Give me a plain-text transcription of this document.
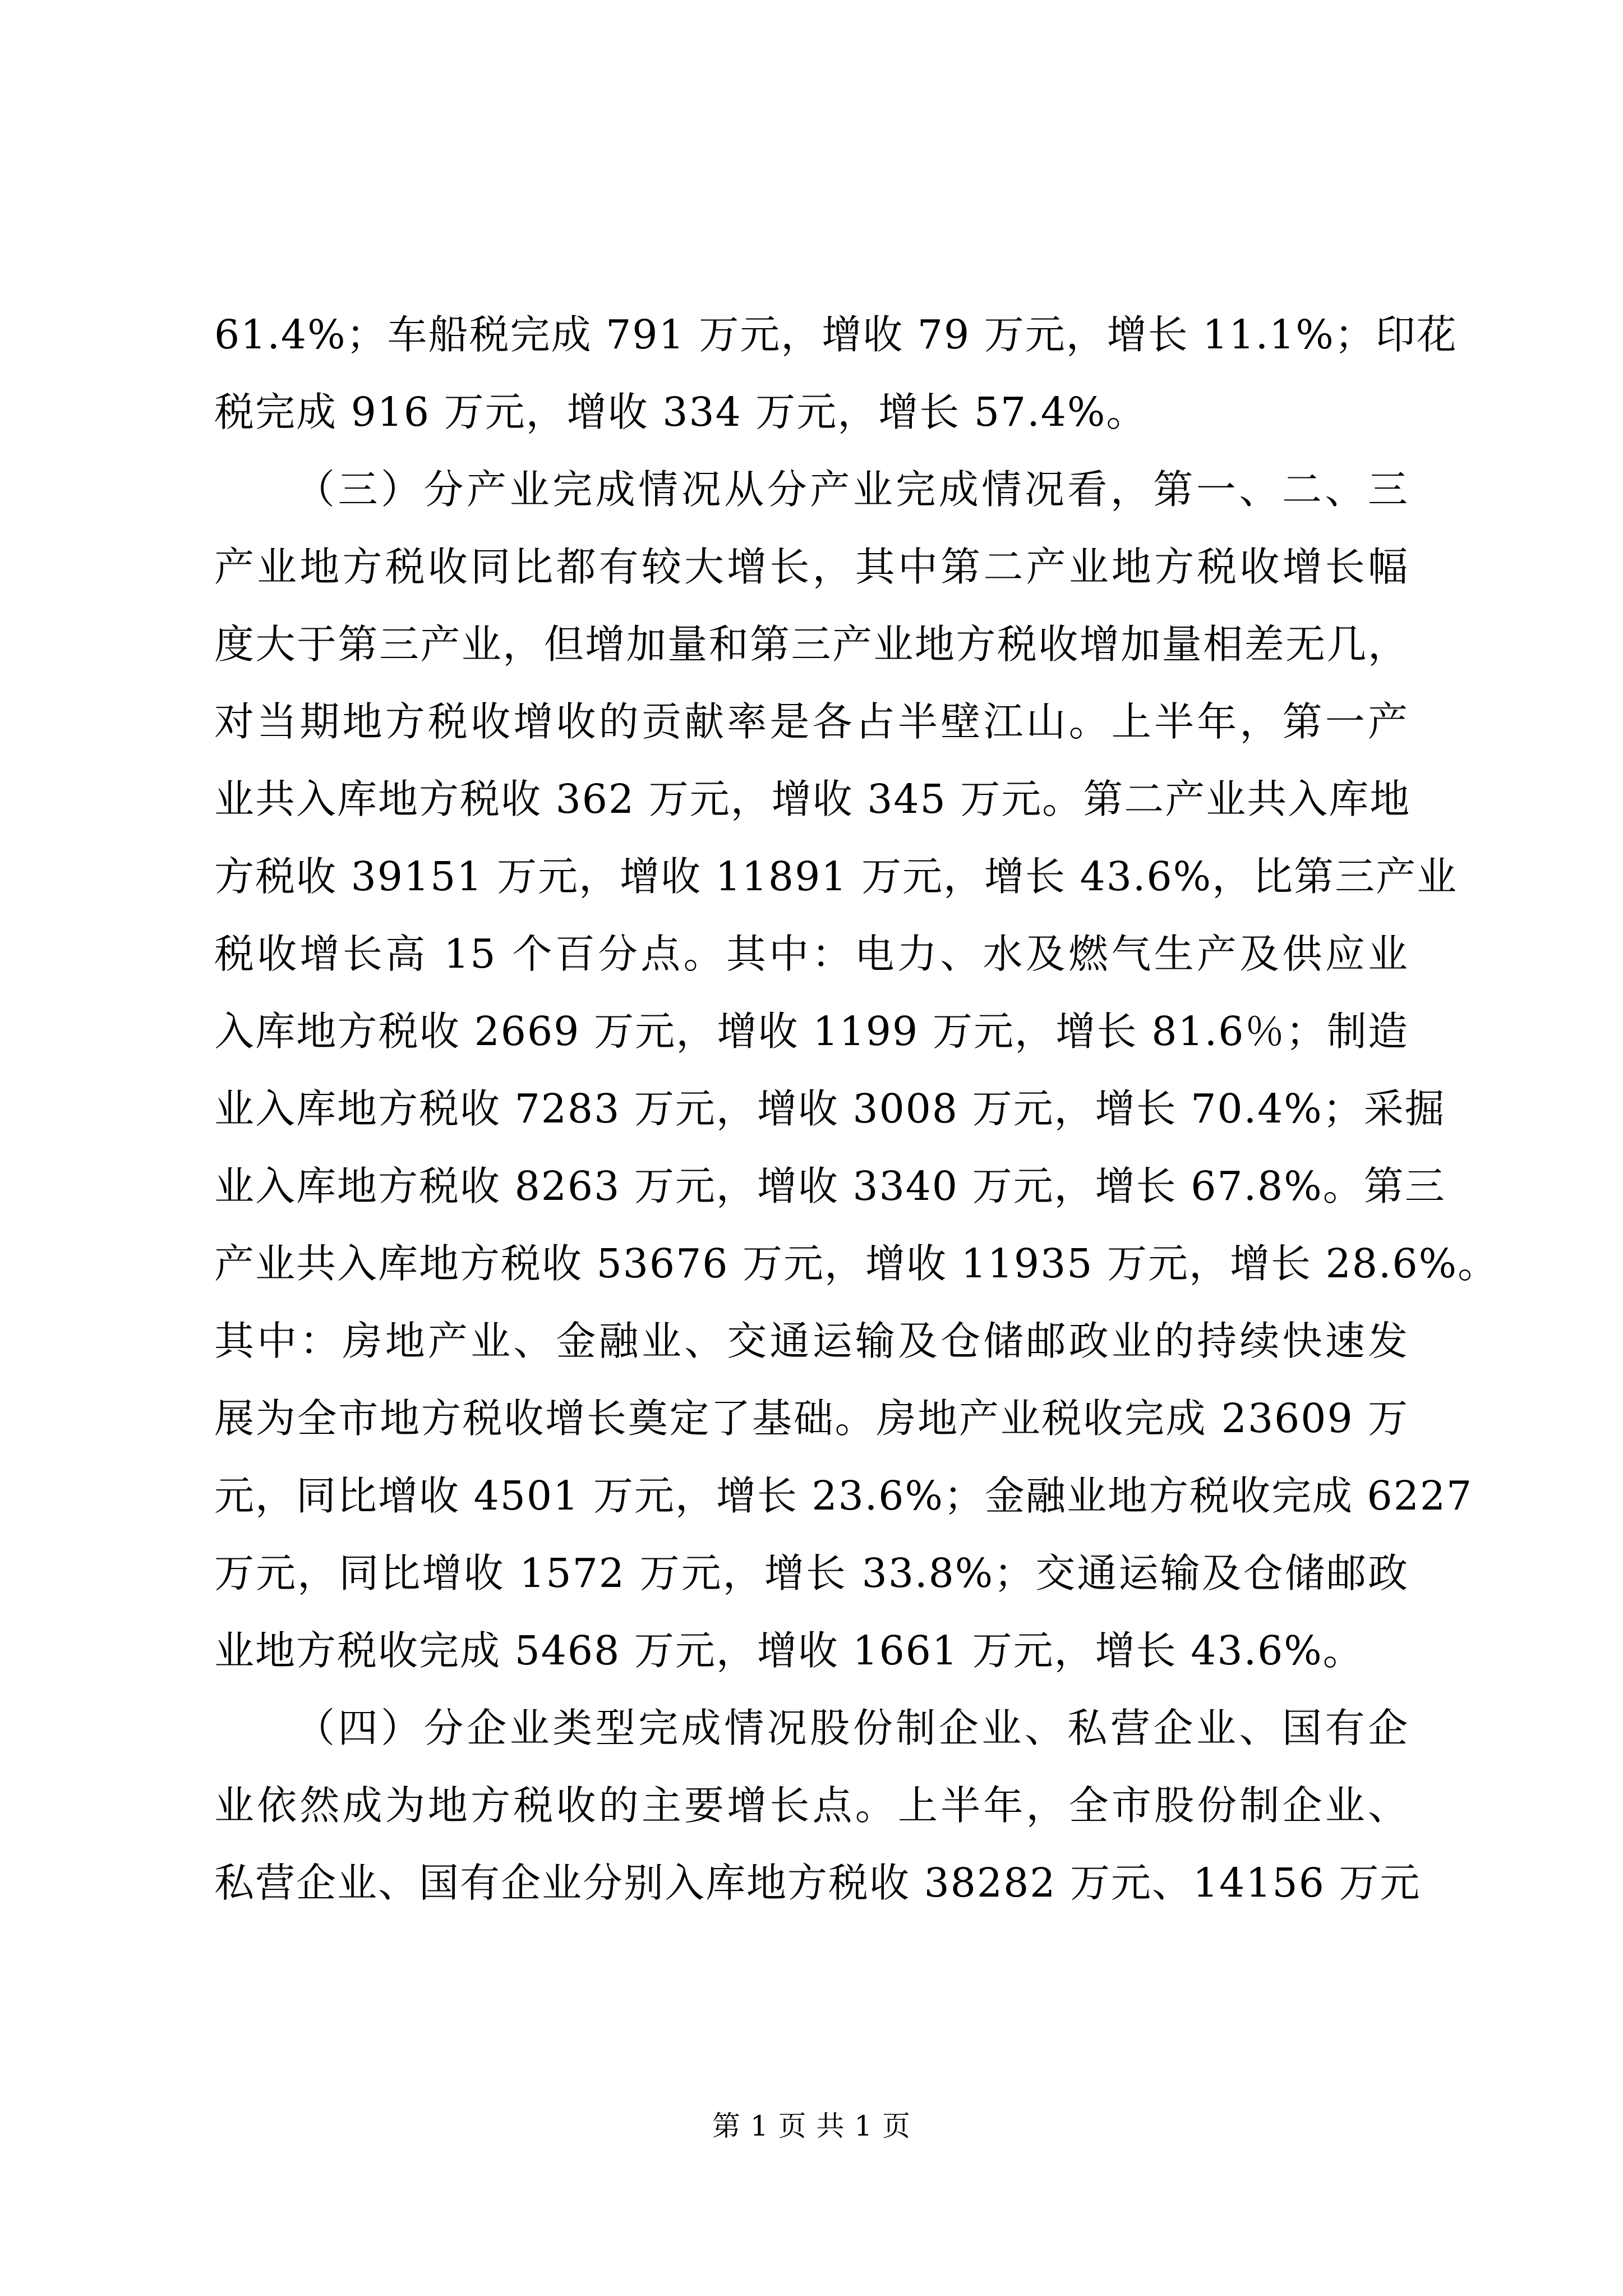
61.4%；车船税完成 791 万元，增收 79 万元，增长 11.1%；印花
税完成 916 万元，增收 334 万元，增长 57.4%。
（三）分产业完成情况从分产业完成情况看，第一、二、三
产业地方税收同比都有较大增长，其中第二产业地方税收增长幅
度大于第三产业，但增加量和第三产业地方税收增加量相差无几，
对当期地方税收增收的贡献率是各占半壁江山。上半年，第一产
业共入库地方税收 362 万元，增收 345 万元。第二产业共入库地
方税收 39151 万元，增收 11891 万元，增长 43.6%，比第三产业
税收增长高 15 个百分点。其中：电力、水及燃气生产及供应业
入库地方税收 2669 万元，增收 1199 万元，增长 81.6％；制造
业入库地方税收 7283 万元，增收 3008 万元，增长 70.4%；采掘
业入库地方税收 8263 万元，增收 3340 万元，增长 67.8%。第三
产业共入库地方税收 53676 万元，增收 11935 万元，增长 28.6%。
其中：房地产业、金融业、交通运输及仓储邮政业的持续快速发
展为全市地方税收增长奠定了基础。房地产业税收完成 23609 万
元，同比增收 4501 万元，增长 23.6%；金融业地方税收完成 6227
万元，同比增收 1572 万元，增长 33.8%；交通运输及仓储邮政
业地方税收完成 5468 万元，增收 1661 万元，增长 43.6%。
（四）分企业类型完成情况股份制企业、私营企业、国有企
业依然成为地方税收的主要增长点。上半年，全市股份制企业、
私营企业、国有企业分别入库地方税收 38282 万元、14156 万元
第 1 页 共 1 页
